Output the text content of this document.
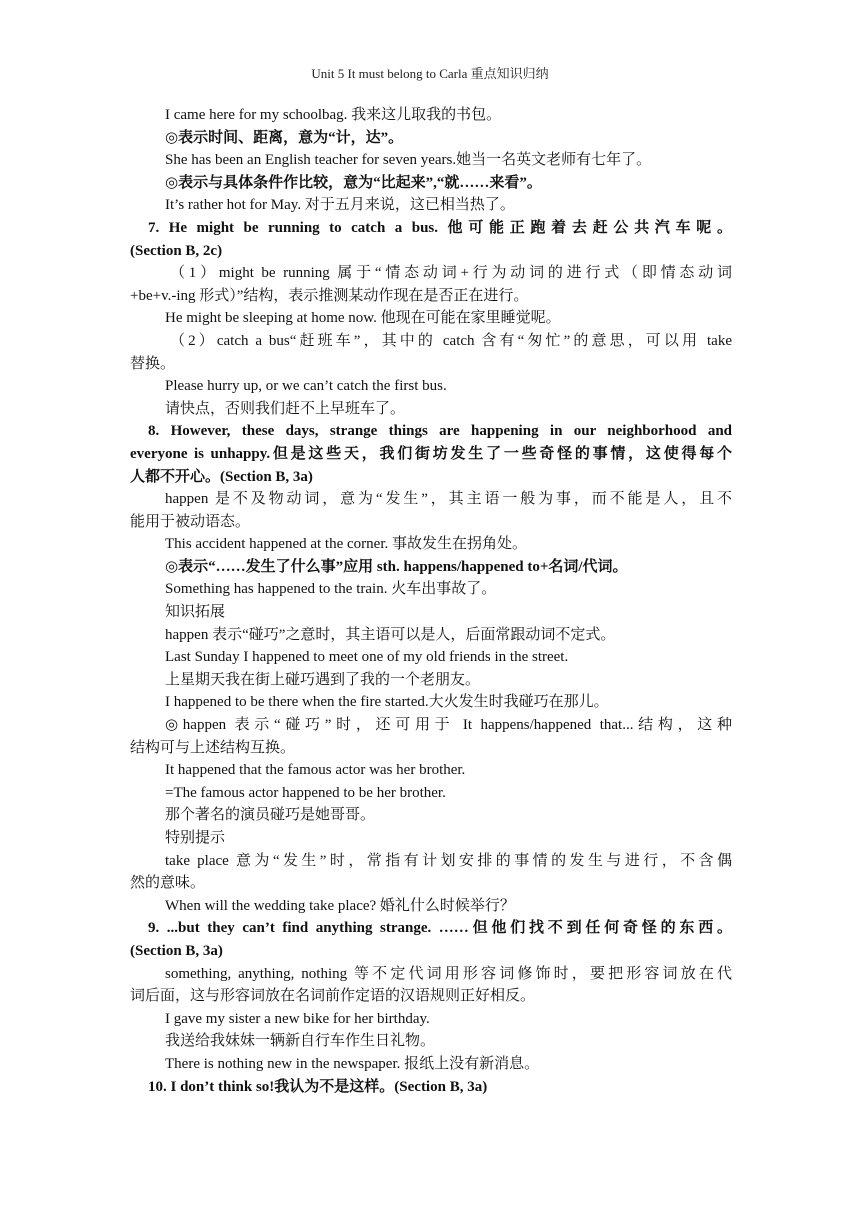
Unit 5 It must belong to Carla 重点知识归纳
I came here for my schoolbag. 我来这儿取我的书包。
◎表示时间、距离，意为“计，达”。
She has been an English teacher for seven years.她当一名英文老师有七年了。
◎表示与具体条件作比较，意为“比起来”,“就……来看”。
It’s rather hot for May. 对于五月来说，这已相当热了。
7. He might be running to catch a bus. 他可能正跑着去赶公共汽车呢。
(Section B, 2c)
（1）might be running 属于“情态动词+行为动词的进行式（即情态动词
+be+v.-ing 形式）”结构，表示推测某动作现在是否正在进行。
He might be sleeping at home now. 他现在可能在家里睡觉呢。
（2）catch a bus“赶班车”，其中的 catch 含有“匆忙”的意思，可以用 take
替换。
Please hurry up, or we can’t catch the first bus.
请快点，否则我们赶不上早班车了。
8. However, these days, strange things are happening in our neighborhood and
everyone is unhappy.但是这些天，我们街坊发生了一些奇怪的事情，这使得每个
人都不开心。(Section B, 3a)
happen 是不及物动词，意为“发生”，其主语一般为事，而不能是人，且不
能用于被动语态。
This accident happened at the corner. 事故发生在拐角处。
◎表示“……发生了什么事”应用 sth. happens/happened to+名词/代词。
Something has happened to the train. 火车出事故了。
知识拓展
happen 表示“碰巧”之意时，其主语可以是人，后面常跟动词不定式。
Last Sunday I happened to meet one of my old friends in the street.
上星期天我在街上碰巧遇到了我的一个老朋友。
I happened to be there when the fire started.大火发生时我碰巧在那儿。
◎happen 表示“碰巧”时，还可用于 It happens/happened that...结构，这种
结构可与上述结构互换。
It happened that the famous actor was her brother.
=The famous actor happened to be her brother.
那个著名的演员碰巧是她哥哥。
特别提示
take place 意为“发生”时，常指有计划安排的事情的发生与进行，不含偶
然的意味。
When will the wedding take place? 婚礼什么时候举行？
9. ...but they can’t find anything strange. ……但他们找不到任何奇怪的东西。
(Section B, 3a)
something, anything, nothing 等不定代词用形容词修饰时，要把形容词放在代
词后面，这与形容词放在名词前作定语的汉语规则正好相反。
I gave my sister a new bike for her birthday.
我送给我妹妹一辆新自行车作生日礼物。
There is nothing new in the newspaper. 报纸上没有新消息。
10. I don’t think so!我认为不是这样。(Section B, 3a)
